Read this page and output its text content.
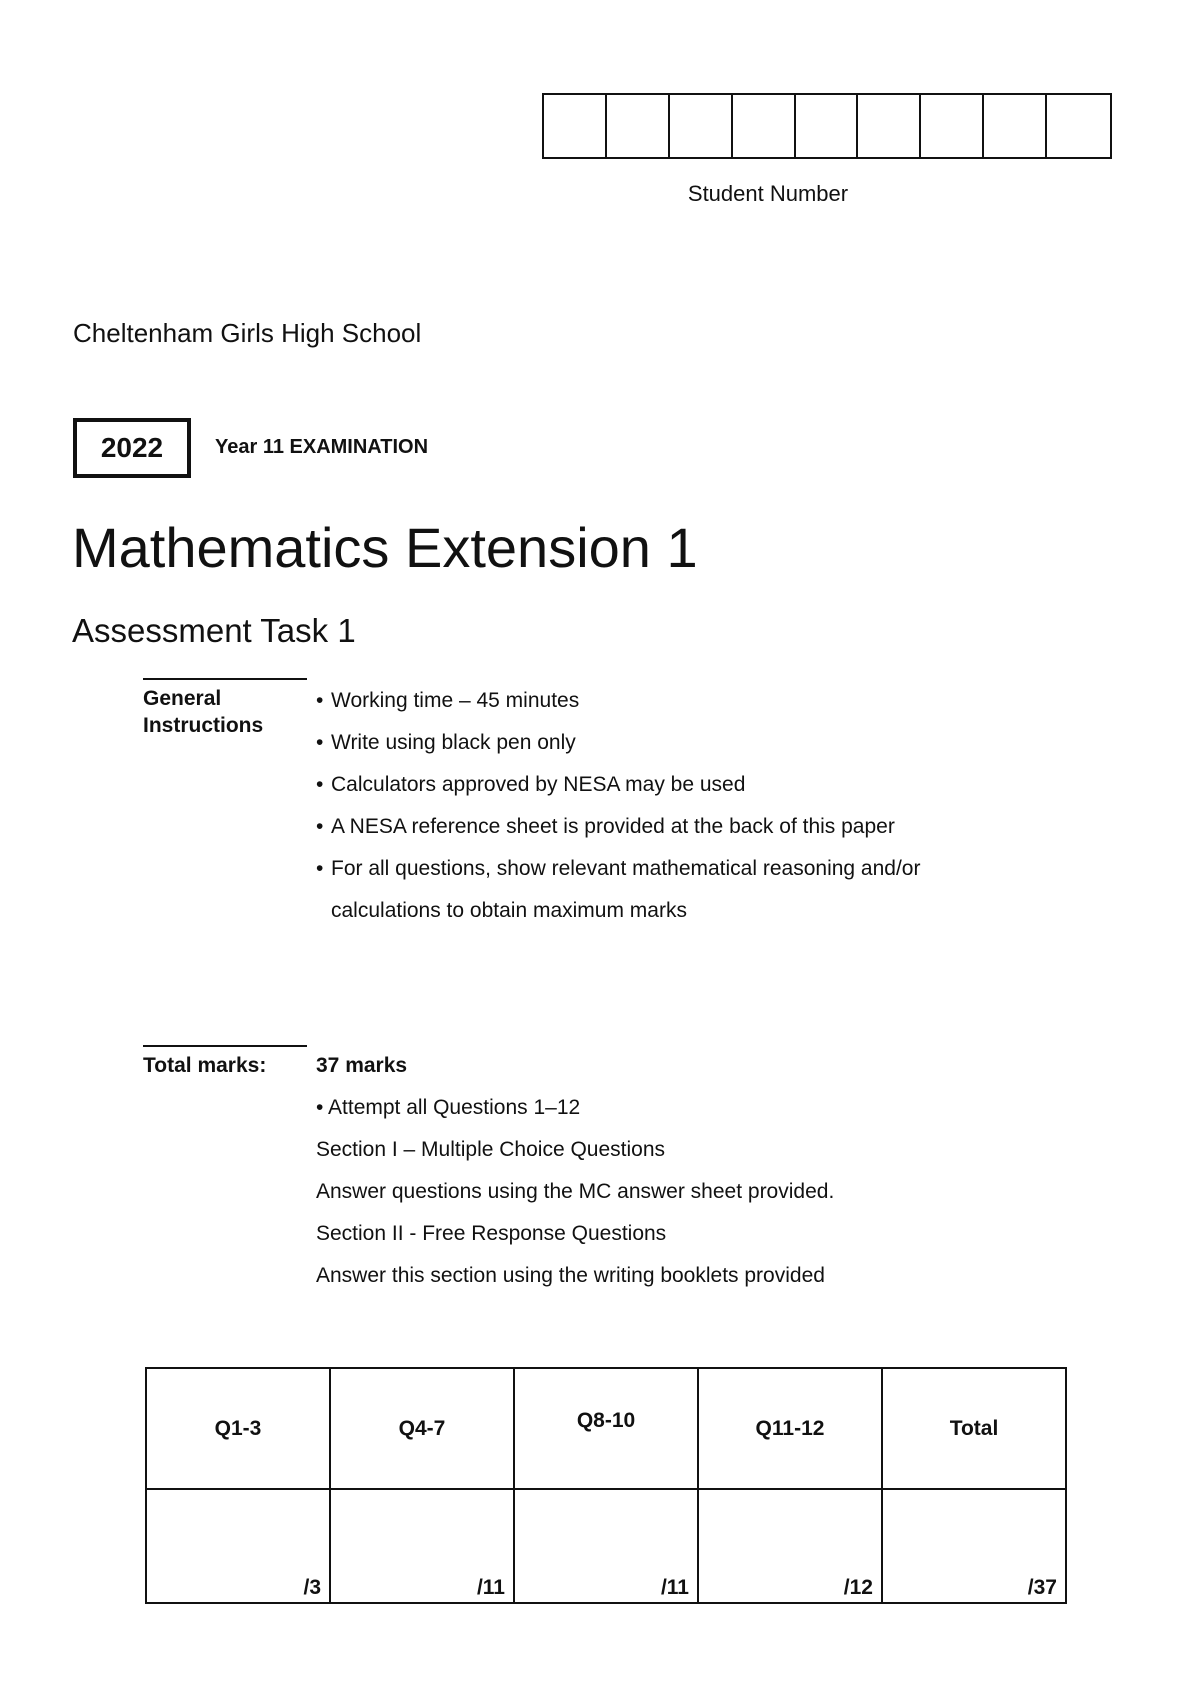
Student Number
Cheltenham Girls High School
2022	Year 11 EXAMINATION
Mathematics Extension 1
Assessment Task 1
General
Instructions
• Working time – 45 minutes
• Write using black pen only
• Calculators approved by NESA may be used
• A NESA reference sheet is provided at the back of this paper
• For all questions, show relevant mathematical reasoning and/or
calculations to obtain maximum marks
Total marks:	37 marks
• Attempt all Questions 1–12
Section I – Multiple Choice Questions
Answer questions using the MC answer sheet provided.
Section II - Free Response Questions
Answer this section using the writing booklets provided
Q1-3	Q4-7	Q8-10	Q11-12	Total
/3	/11	/11	/12	/37
